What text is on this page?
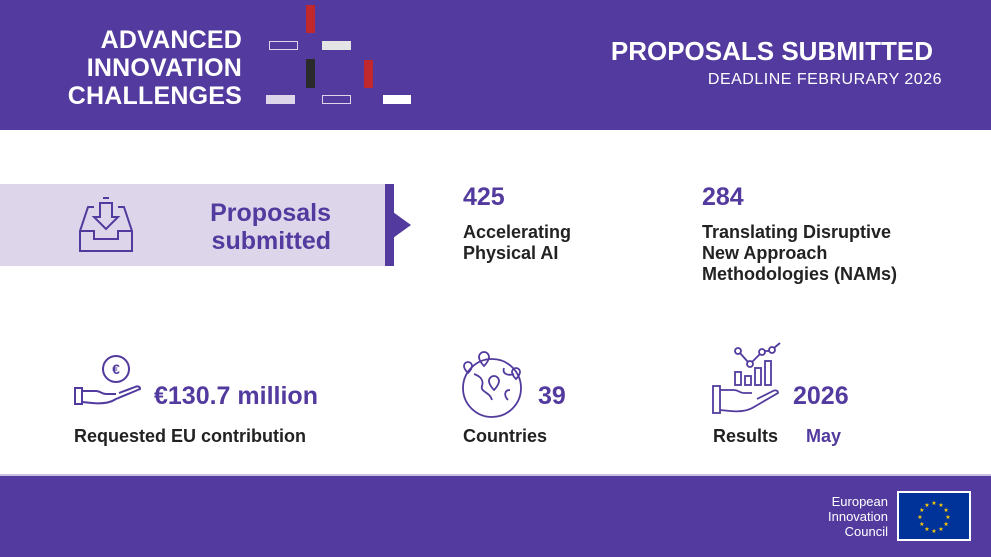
ADVANCED
INNOVATION
CHALLENGES
PROPOSALS SUBMITTED
DEADLINE FEBRURARY 2026
Proposals
submitted
425
Accelerating
Physical AI
284
Translating Disruptive
New Approach
Methodologies (NAMs)
€
€130.7 million
Requested EU contribution
39
Countries
2026
Results May
European
Innovation
Council
★ ★
★
★
★
★
★
★
★
★
★
★
